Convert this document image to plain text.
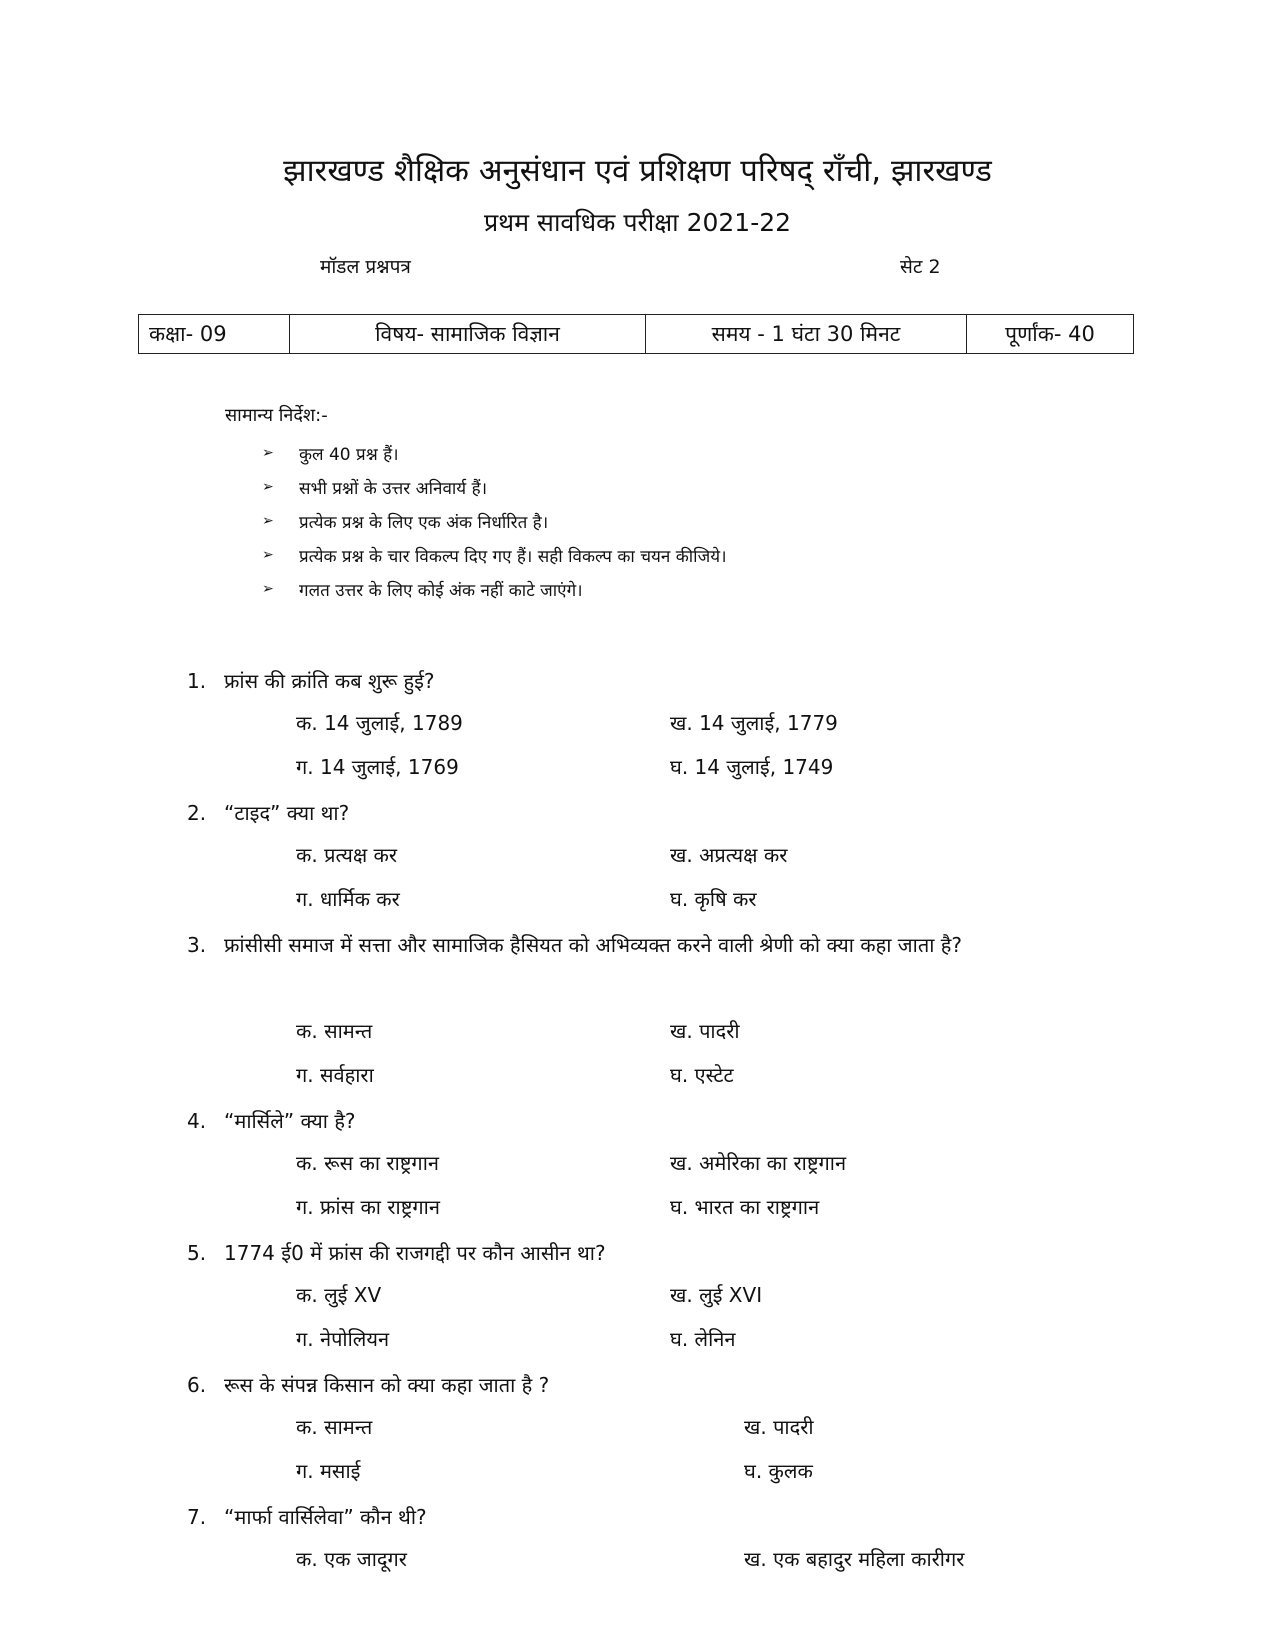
झारखण्ड शैक्षिक अनुसंधान एवं प्रशिक्षण परिषद् राँची, झारखण्ड
प्रथम सावधिक परीक्षा 2021-22
मॉडल प्रश्नपत्र	सेट 2
कक्षा- 09	विषय- सामाजिक विज्ञान	समय - 1 घंटा 30 मिनट	पूर्णांक- 40
सामान्य निर्देश:-
➢	कुल 40 प्रश्न हैं।
➢	सभी प्रश्नों के उत्तर अनिवार्य हैं।
➢	प्रत्येक प्रश्न के लिए एक अंक निर्धारित है।
➢	प्रत्येक प्रश्न के चार विकल्प दिए गए हैं। सही विकल्प का चयन कीजिये।
➢	गलत उत्तर के लिए कोई अंक नहीं काटे जाएंगे।
1. फ्रांस की क्रांति कब शुरू हुई?
क. 14 जुलाई, 1789	ख. 14 जुलाई, 1779
ग. 14 जुलाई, 1769	घ. 14 जुलाई, 1749
2. “टाइद” क्या था?
क. प्रत्यक्ष कर	ख. अप्रत्यक्ष कर
ग. धार्मिक कर	घ. कृषि कर
3. फ्रांसीसी समाज में सत्ता और सामाजिक हैसियत को अभिव्यक्त करने वाली श्रेणी को क्या कहा जाता है?
क. सामन्त	ख. पादरी
ग. सर्वहारा	घ. एस्टेट
4. “मार्सिले” क्या है?
क. रूस का राष्ट्रगान	ख. अमेरिका का राष्ट्रगान
ग. फ्रांस का राष्ट्रगान	घ. भारत का राष्ट्रगान
5. 1774 ई0 में फ्रांस की राजगद्दी पर कौन आसीन था?
क. लुई XV	ख. लुई XVI
ग. नेपोलियन	घ. लेनिन
6. रूस के संपन्न किसान को क्या कहा जाता है ?
क. सामन्त	ख. पादरी
ग. मसाई	घ. कुलक
7. “मार्फा वार्सिलेवा” कौन थी?
क. एक जादूगर	ख. एक बहादुर महिला कारीगर
